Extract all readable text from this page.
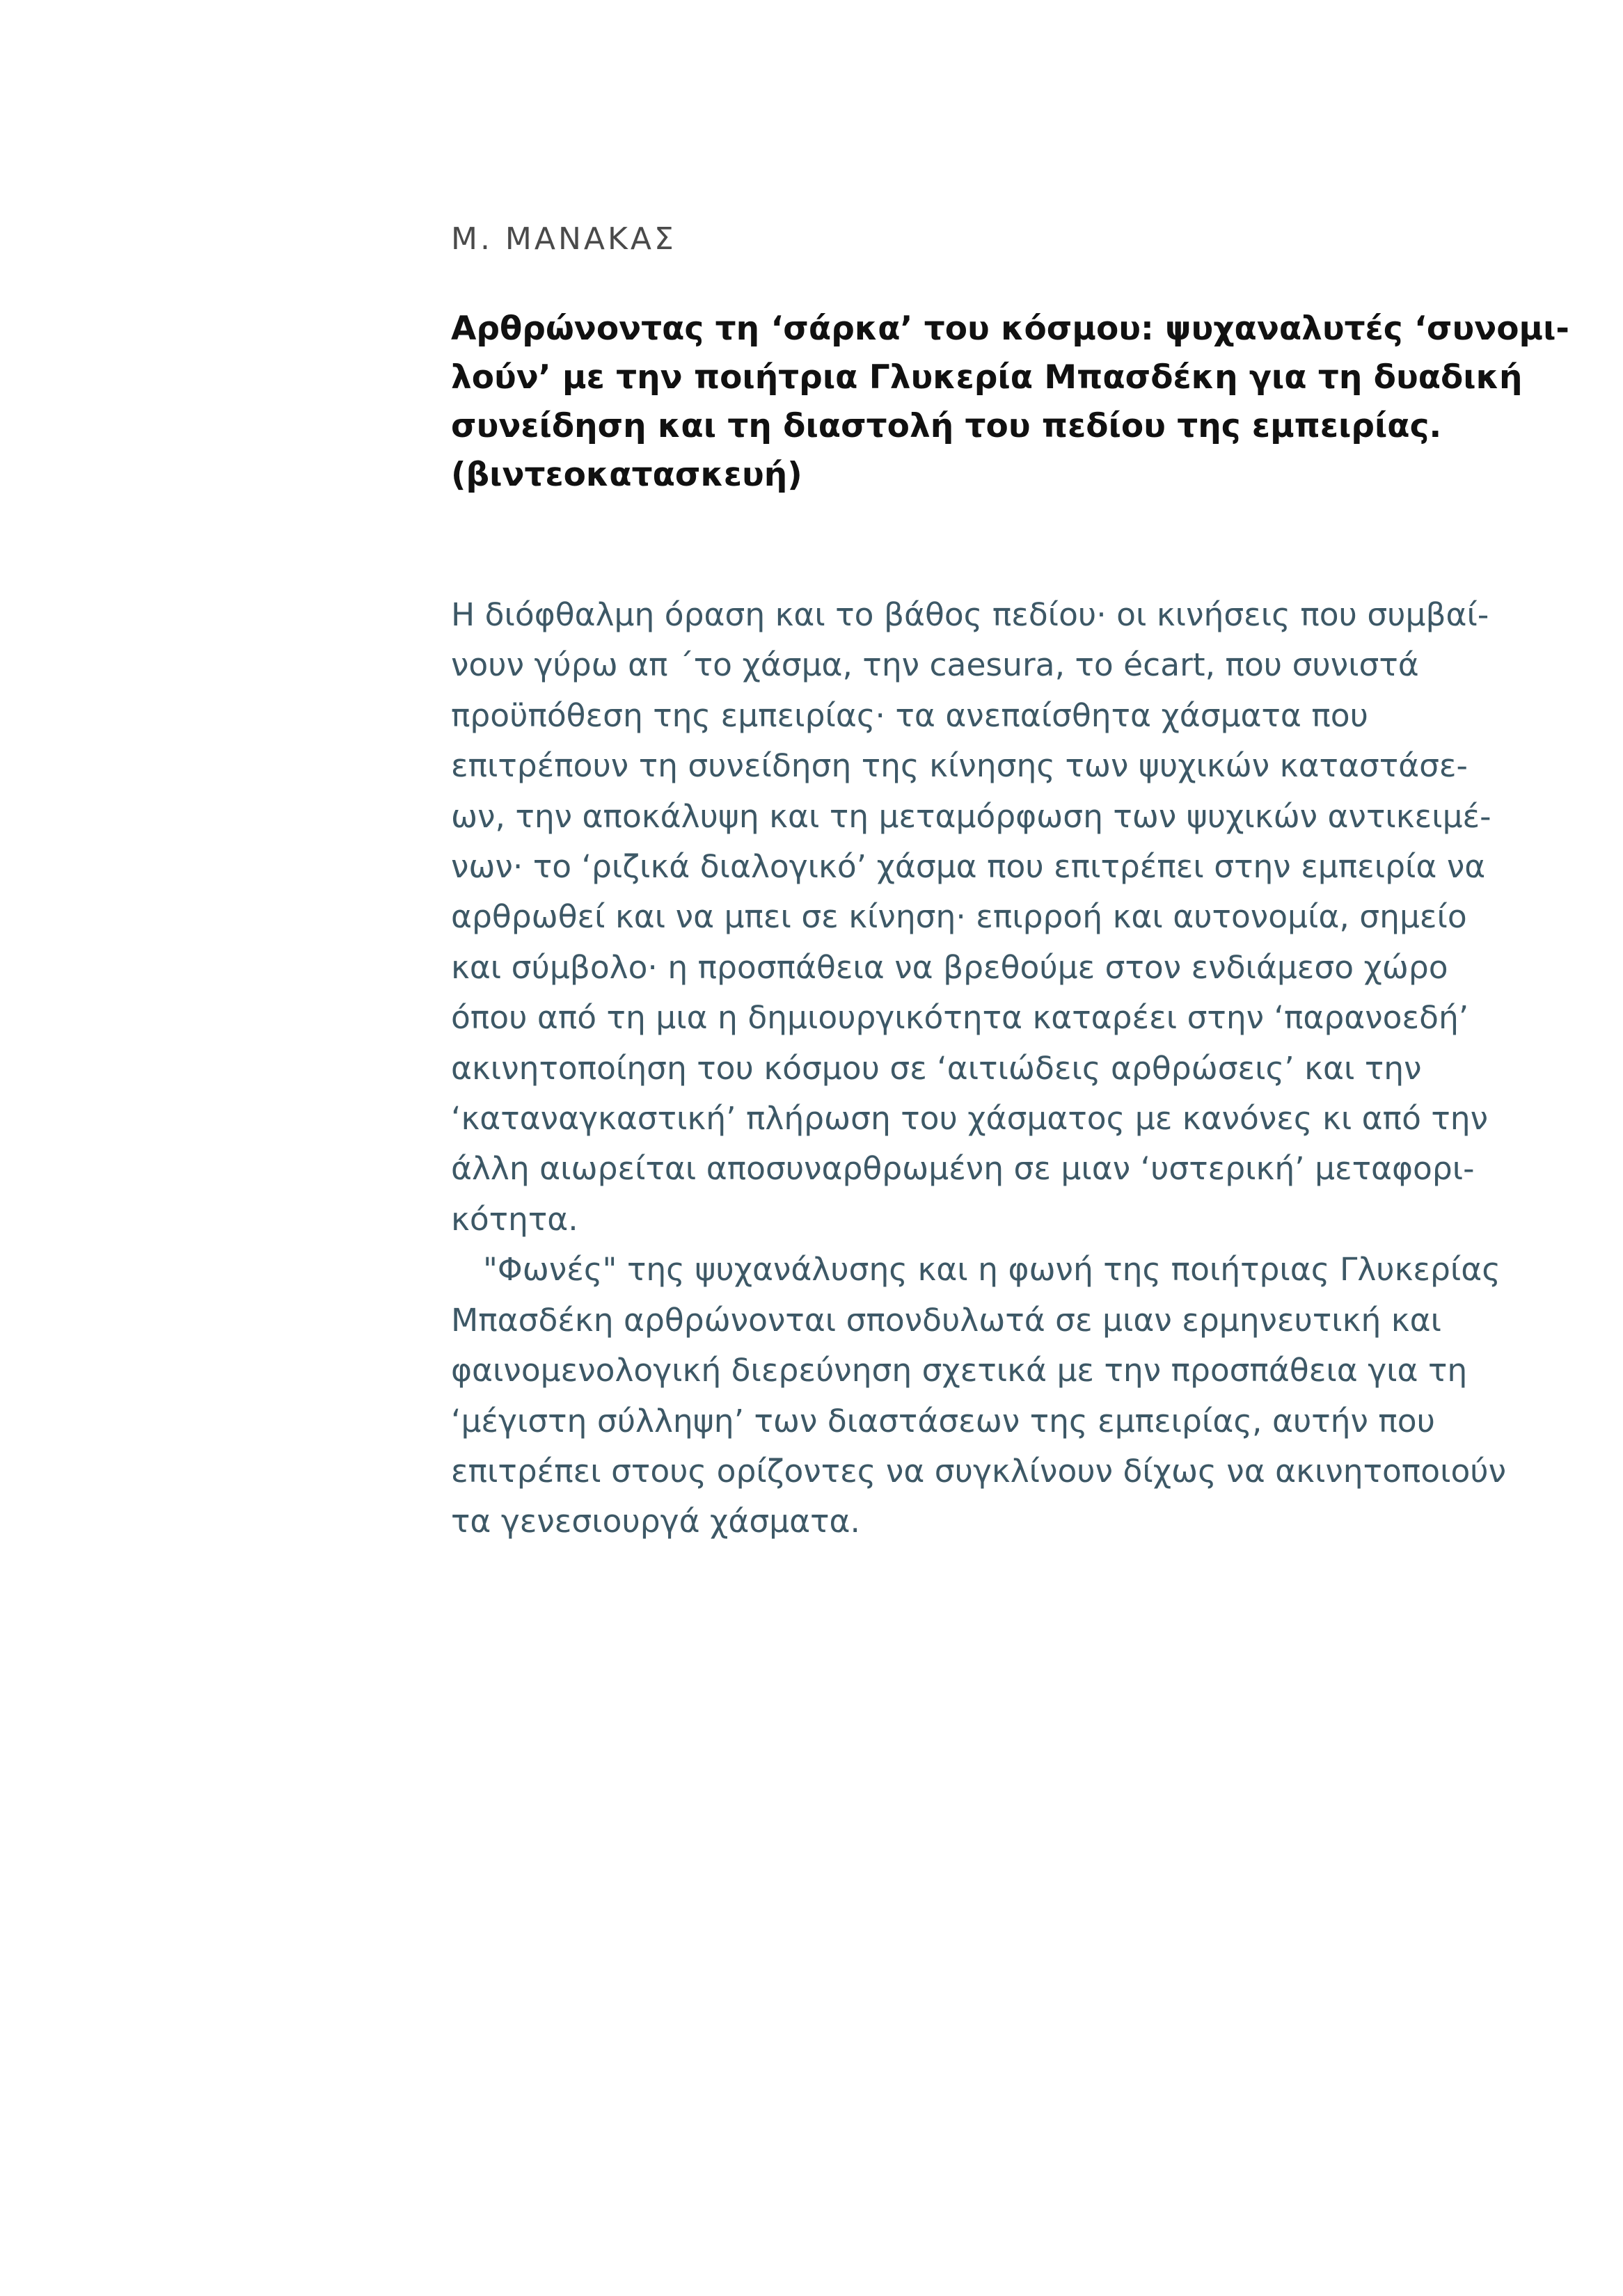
Μ. ΜΑΝΑΚΑΣ

Αρθρώνοντας τη ‘σάρκα’ του κόσμου: ψυχαναλυτές ‘συνομι-
λούν’ με την ποιήτρια Γλυκερία Μπασδέκη για τη δυαδική
συνείδηση και τη διαστολή του πεδίου της εμπειρίας.
(βιντεοκατασκευή)
Η διόφθαλμη όραση και το βάθος πεδίου· οι κινήσεις που συμβαί-
νουν γύρω απ ΄το χάσμα, την caesura, το écart, που συνιστά
προϋπόθεση της εμπειρίας· τα ανεπαίσθητα χάσματα που
επιτρέπουν τη συνείδηση της κίνησης των ψυχικών καταστάσε-
ων, την αποκάλυψη και τη μεταμόρφωση των ψυχικών αντικειμέ-
νων· το ‘ριζικά διαλογικό’ χάσμα που επιτρέπει στην εμπειρία να
αρθρωθεί και να μπει σε κίνηση· επιρροή και αυτονομία, σημείο
και σύμβολο· η προσπάθεια να βρεθούμε στον ενδιάμεσο χώρο
όπου από τη μια η δημιουργικότητα καταρέει στην ‘παρανοεδή’
ακινητοποίηση του κόσμου σε ‘αιτιώδεις αρθρώσεις’ και την
‘καταναγκαστική’ πλήρωση του χάσματος με κανόνες κι από την
άλλη αιωρείται αποσυναρθρωμένη σε μιαν ‘υστερική’ μεταφορι-
κότητα.
"Φωνές" της ψυχανάλυσης και η φωνή της ποιήτριας Γλυκερίας
Μπασδέκη αρθρώνονται σπονδυλωτά σε μιαν ερμηνευτική και
φαινομενολογική διερεύνηση σχετικά με την προσπάθεια για τη
‘μέγιστη σύλληψη’ των διαστάσεων της εμπειρίας, αυτήν που
επιτρέπει στους ορίζοντες να συγκλίνουν δίχως να ακινητοποιούν
τα γενεσιουργά χάσματα.
